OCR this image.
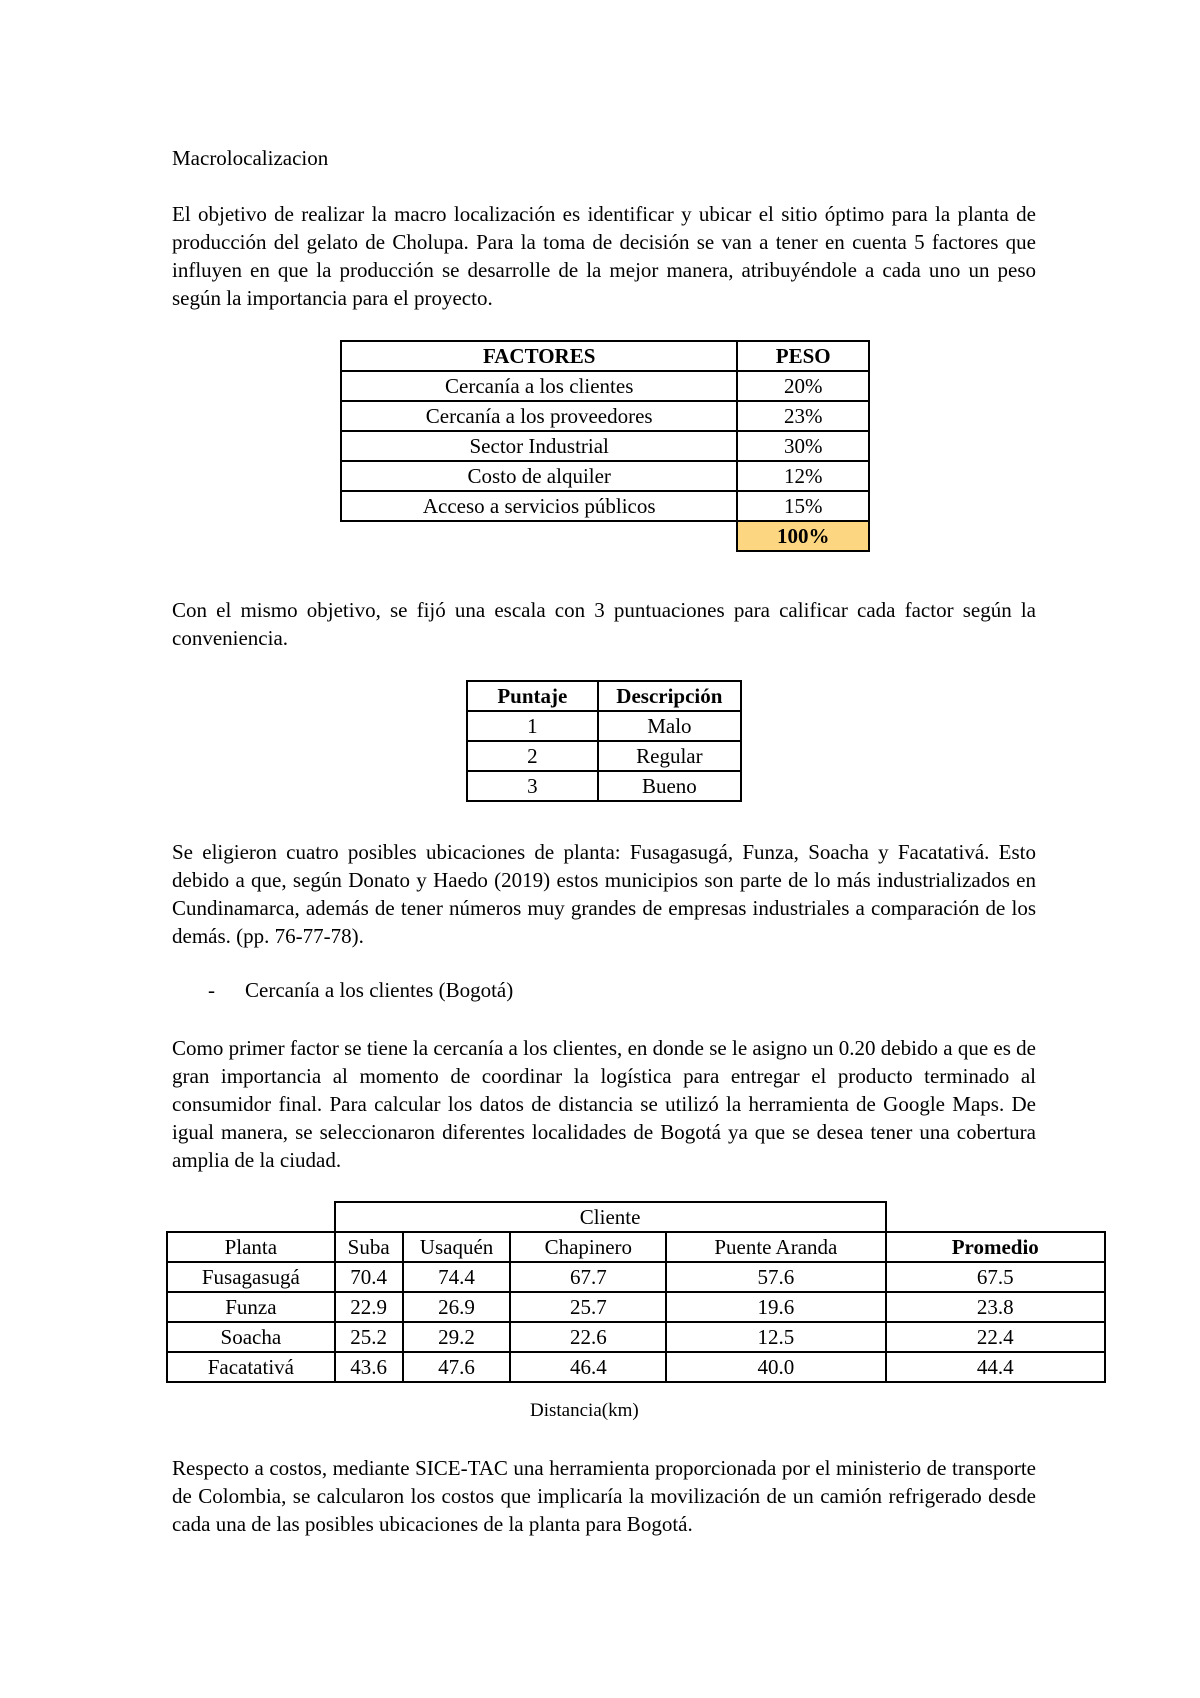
Macrolocalizacion

El objetivo de realizar la macro localización es identificar y ubicar el sitio óptimo para la planta de producción del gelato de Cholupa. Para la toma de decisión se van a tener en cuenta 5 factores que influyen en que la producción se desarrolle de la mejor manera, atribuyéndole a cada uno un peso según la importancia para el proyecto.

FACTORES	PESO
Cercanía a los clientes	20%
Cercanía a los proveedores	23%
Sector Industrial	30%
Costo de alquiler	12%
Acceso a servicios públicos	15%
	100%

Con el mismo objetivo, se fijó una escala con 3 puntuaciones para calificar cada factor según la conveniencia.

Puntaje	Descripción
1	Malo
2	Regular
3	Bueno

Se eligieron cuatro posibles ubicaciones de planta: Fusagasugá, Funza, Soacha y Facatativá. Esto debido a que, según Donato y Haedo (2019) estos municipios son parte de lo más industrializados en Cundinamarca, además de tener números muy grandes de empresas industriales a comparación de los demás. (pp. 76-77-78).

- Cercanía a los clientes (Bogotá)

Como primer factor se tiene la cercanía a los clientes, en donde se le asigno un 0.20 debido a que es de gran importancia al momento de coordinar la logística para entregar el producto terminado al consumidor final. Para calcular los datos de distancia se utilizó la herramienta de Google Maps. De igual manera, se seleccionaron diferentes localidades de Bogotá ya que se desea tener una cobertura amplia de la ciudad.

	Cliente				
Planta	Suba	Usaquén	Chapinero	Puente Aranda	Promedio
Fusagasugá	70.4	74.4	67.7	57.6	67.5
Funza	22.9	26.9	25.7	19.6	23.8
Soacha	25.2	29.2	22.6	12.5	22.4
Facatativá	43.6	47.6	46.4	40.0	44.4
Distancia(km)

Respecto a costos, mediante SICE-TAC una herramienta proporcionada por el ministerio de transporte de Colombia, se calcularon los costos que implicaría la movilización de un camión refrigerado desde cada una de las posibles ubicaciones de la planta para Bogotá.
